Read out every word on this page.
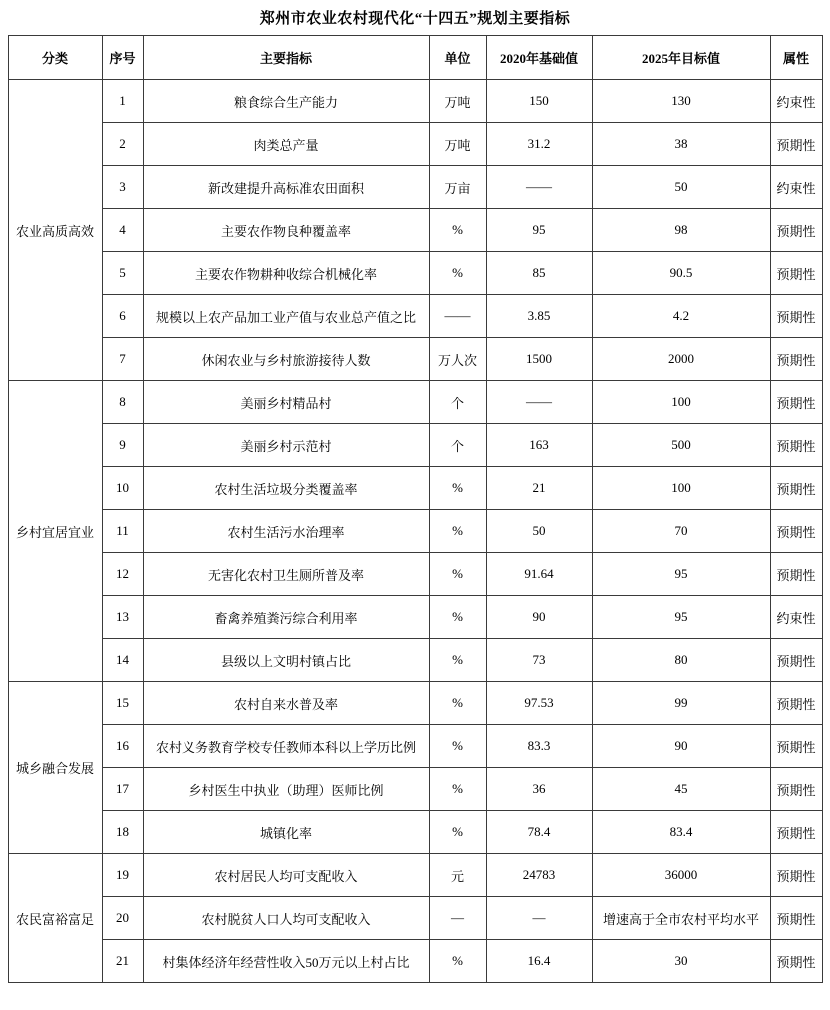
郑州市农业农村现代化“十四五”规划主要指标
分类	序号	主要指标	单位	2020年基础值	2025年目标值	属性
农业高质高效	1	粮食综合生产能力	万吨	150	130	约束性
	2	肉类总产量	万吨	31.2	38	预期性
	3	新改建提升高标准农田面积	万亩	——	50	约束性
	4	主要农作物良种覆盖率	%	95	98	预期性
	5	主要农作物耕种收综合机械化率	%	85	90.5	预期性
	6	规模以上农产品加工业产值与农业总产值之比	——	3.85	4.2	预期性
	7	休闲农业与乡村旅游接待人数	万人次	1500	2000	预期性
乡村宜居宜业	8	美丽乡村精品村	个	——	100	预期性
	9	美丽乡村示范村	个	163	500	预期性
	10	农村生活垃圾分类覆盖率	%	21	100	预期性
	11	农村生活污水治理率	%	50	70	预期性
	12	无害化农村卫生厕所普及率	%	91.64	95	预期性
	13	畜禽养殖粪污综合利用率	%	90	95	约束性
	14	县级以上文明村镇占比	%	73	80	预期性
城乡融合发展	15	农村自来水普及率	%	97.53	99	预期性
	16	农村义务教育学校专任教师本科以上学历比例	%	83.3	90	预期性
	17	乡村医生中执业（助理）医师比例	%	36	45	预期性
	18	城镇化率	%	78.4	83.4	预期性
农民富裕富足	19	农村居民人均可支配收入	元	24783	36000	预期性
	20	农村脱贫人口人均可支配收入	—	—	增速高于全市农村平均水平	预期性
	21	村集体经济年经营性收入50万元以上村占比	%	16.4	30	预期性
